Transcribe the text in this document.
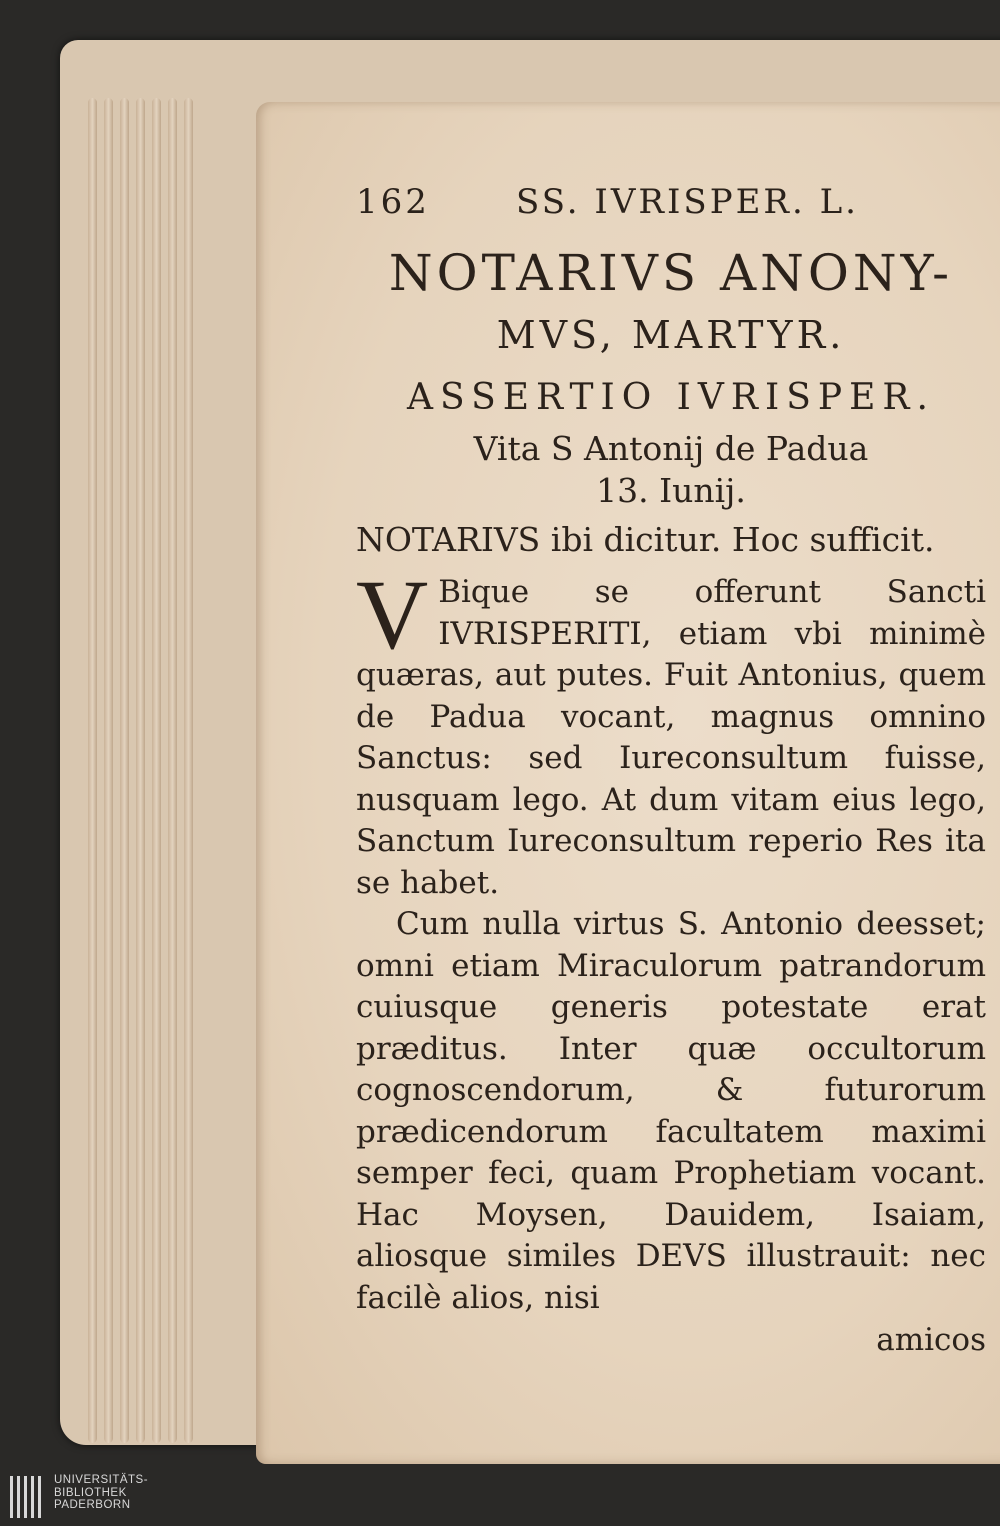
162	SS. IVRISPER. L.
NOTARIVS ANONY-
MVS, MARTYR.
ASSERTIO IVRISPER.
Vita S Antonij de Padua
13. Iunij.
NOTARIVS ibi dicitur. Hoc sufficit.

V Bique se offerunt Sancti IVRISPERITI, etiam vbi minimè quæras, aut putes. Fuit Antonius, quem de Padua vocant, magnus omnino Sanctus: sed Iureconsultum fuisse, nusquam lego. At dum vitam eius lego, Sanctum Iureconsultum reperio Res ita se habet.

Cum nulla virtus S. Antonio deesset; omni etiam Miraculorum patrandorum cuiusque generis potestate erat præditus. Inter quæ occultorum cognoscendorum, & futurorum prædicendorum facultatem maximi semper feci, quam Prophetiam vocant. Hac Moysen, Dauidem, Isaiam, aliosque similes DEVS illustrauit: nec facilè alios, nisi

amicos
UNIVERSITÄTS-
BIBLIOTHEK
PADERBORN
